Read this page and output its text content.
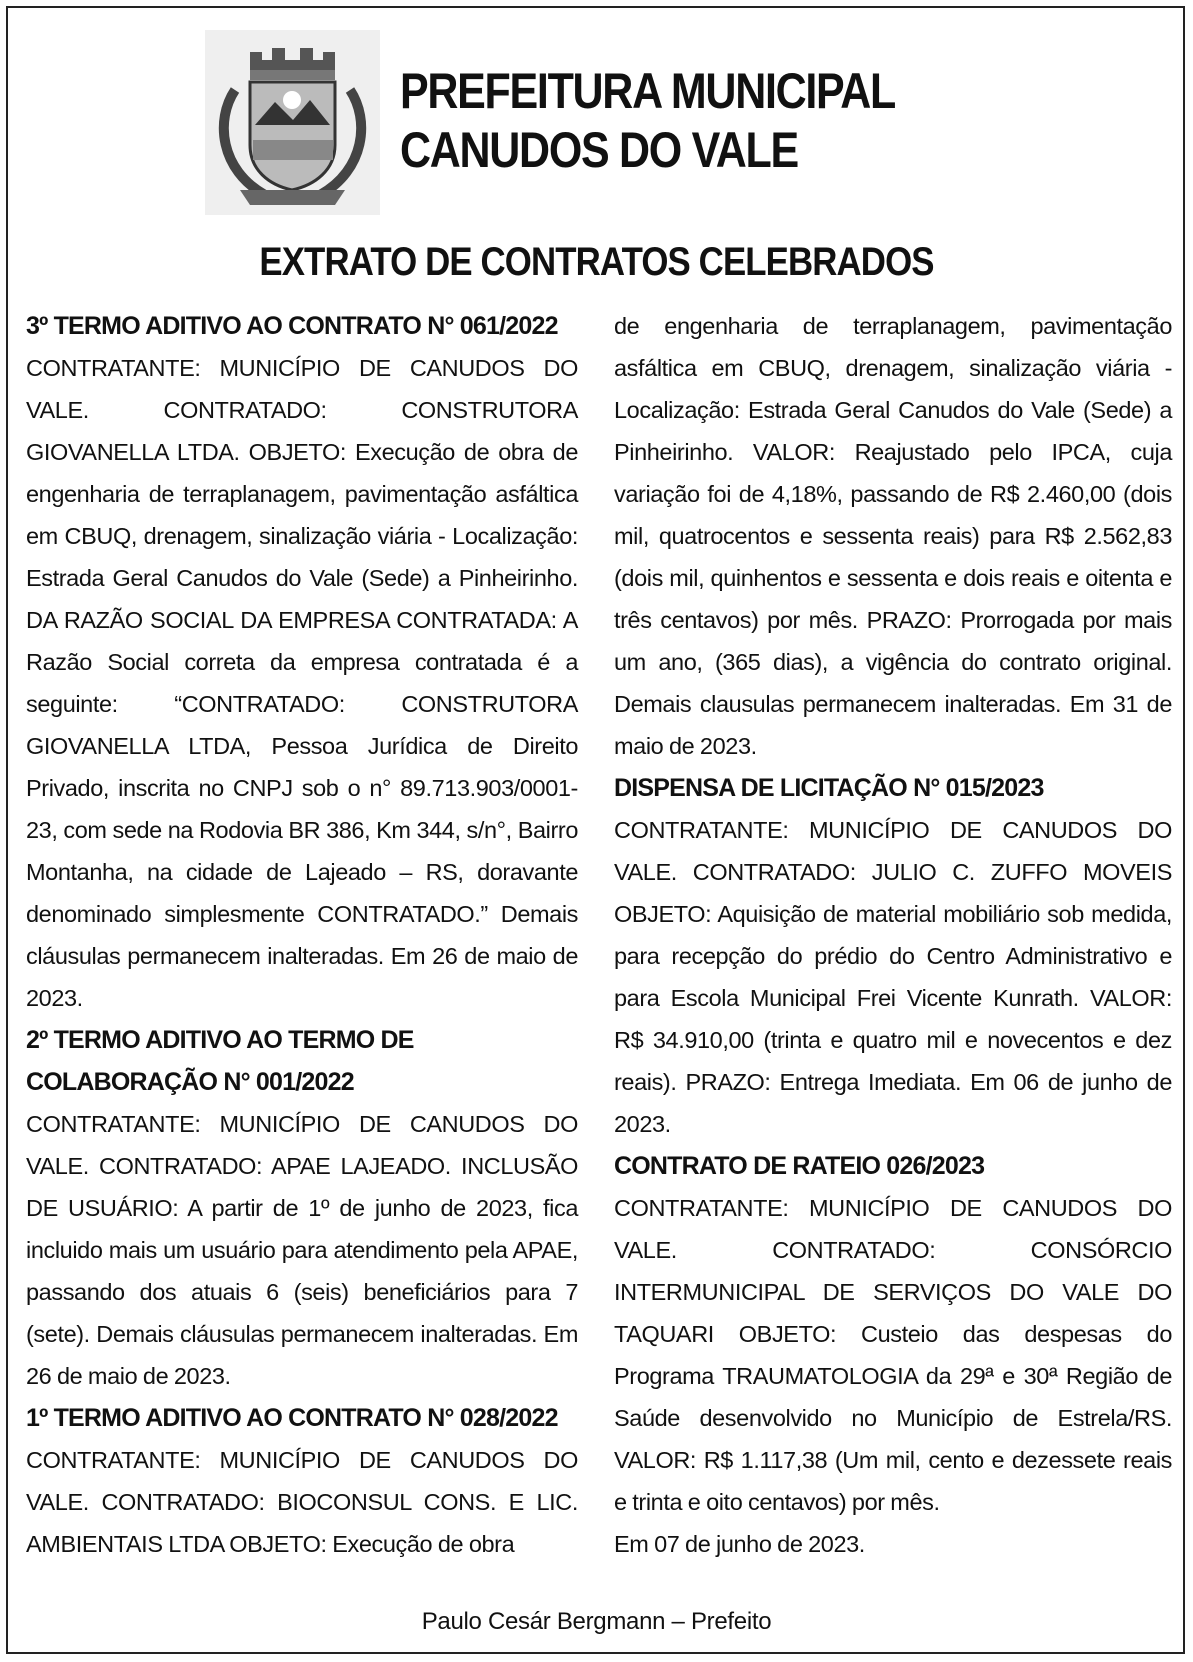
PREFEITURA MUNICIPAL
CANUDOS DO VALE
EXTRATO DE CONTRATOS CELEBRADOS
3º TERMO ADITIVO AO CONTRATO N° 061/2022

CONTRATANTE: MUNICÍPIO DE CANUDOS DO VALE. CONTRATADO: CONSTRUTORA GIOVANELLA LTDA. OBJETO: Execução de obra de engenharia de terraplanagem, pavimentação asfáltica em CBUQ, drenagem, sinalização viária - Localização: Estrada Geral Canudos do Vale (Sede) a Pinheirinho. DA RAZÃO SOCIAL DA EMPRESA CONTRATADA: A Razão Social correta da empresa contratada é a seguinte: “CONTRATADO: CONSTRUTORA GIOVANELLA LTDA, Pessoa Jurídica de Direito Privado, inscrita no CNPJ sob o n° 89.713.903/0001-23, com sede na Rodovia BR 386, Km 344, s/n°, Bairro Montanha, na cidade de Lajeado – RS, doravante denominado simplesmente CONTRATADO.” Demais cláusulas permanecem inalteradas. Em 26 de maio de 2023.

2º TERMO ADITIVO AO TERMO DE COLABORAÇÃO N° 001/2022

CONTRATANTE: MUNICÍPIO DE CANUDOS DO VALE. CONTRATADO: APAE LAJEADO. INCLUSÃO DE USUÁRIO: A partir de 1º de junho de 2023, fica incluido mais um usuário para atendimento pela APAE, passando dos atuais 6 (seis) beneficiários para 7 (sete). Demais cláusulas permanecem inalteradas. Em 26 de maio de 2023.

1º TERMO ADITIVO AO CONTRATO N° 028/2022

CONTRATANTE: MUNICÍPIO DE CANUDOS DO VALE. CONTRATADO: BIOCONSUL CONS. E LIC. AMBIENTAIS LTDA OBJETO: Execução de obra

de engenharia de terraplanagem, pavimentação asfáltica em CBUQ, drenagem, sinalização viária - Localização: Estrada Geral Canudos do Vale (Sede) a Pinheirinho. VALOR: Reajustado pelo IPCA, cuja variação foi de 4,18%, passando de R$ 2.460,00 (dois mil, quatrocentos e sessenta reais) para R$ 2.562,83 (dois mil, quinhentos e sessenta e dois reais e oitenta e três centavos) por mês. PRAZO: Prorrogada por mais um ano, (365 dias), a vigência do contrato original. Demais clausulas permanecem inalteradas. Em 31 de maio de 2023.

DISPENSA DE LICITAÇÃO N° 015/2023

CONTRATANTE: MUNICÍPIO DE CANUDOS DO VALE. CONTRATADO: JULIO C. ZUFFO MOVEIS OBJETO: Aquisição de material mobiliário sob medida, para recepção do prédio do Centro Administrativo e para Escola Municipal Frei Vicente Kunrath. VALOR: R$ 34.910,00 (trinta e quatro mil e novecentos e dez reais). PRAZO: Entrega Imediata. Em 06 de junho de 2023.

CONTRATO DE RATEIO 026/2023

CONTRATANTE: MUNICÍPIO DE CANUDOS DO VALE. CONTRATADO: CONSÓRCIO INTERMUNICIPAL DE SERVIÇOS DO VALE DO TAQUARI OBJETO: Custeio das despesas do Programa TRAUMATOLOGIA da 29ª e 30ª Região de Saúde desenvolvido no Município de Estrela/RS. VALOR: R$ 1.117,38 (Um mil, cento e dezessete reais e trinta e oito centavos) por mês.

Em 07 de junho de 2023.

Paulo Cesár Bergmann – Prefeito
